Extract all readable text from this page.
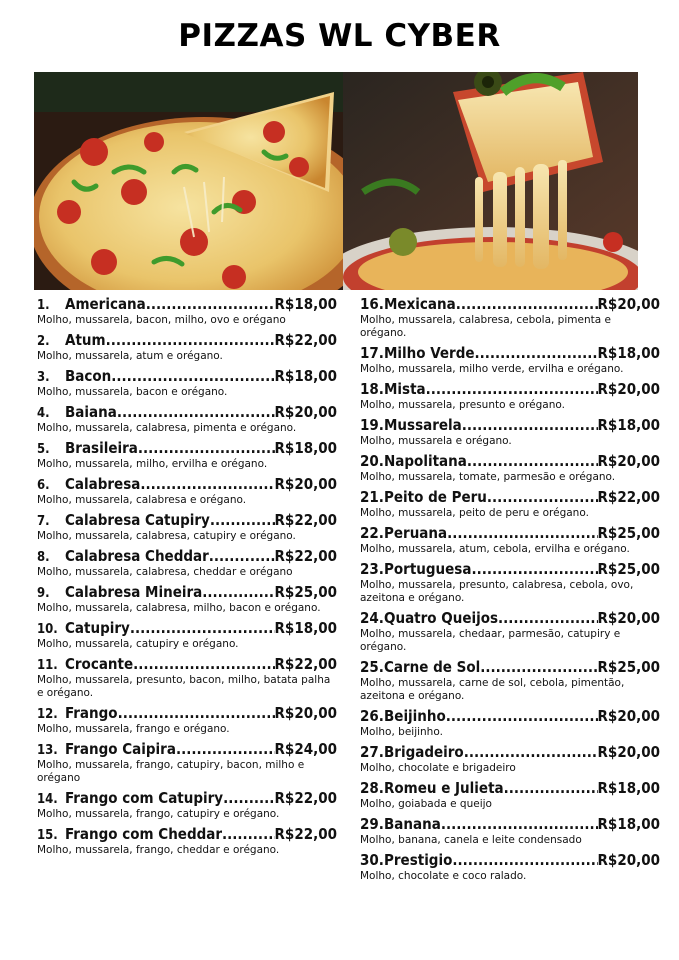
PIZZAS WL CYBER
1.	Americana .....	R$18,00
Molho, mussarela, bacon, milho, ovo e orégano
2.	Atum .....	R$22,00
Molho, mussarela, atum e orégano.
3.	Bacon .....	R$18,00
Molho, mussarela, bacon e orégano.
4.	Baiana .....	R$20,00
Molho, mussarela, calabresa, pimenta e orégano.
5.	Brasileira .....	R$18,00
Molho, mussarela, milho, ervilha e orégano.
6.	Calabresa .....	R$20,00
Molho, mussarela, calabresa e orégano.
7.	Calabresa Catupiry .....	R$22,00
Molho, mussarela, calabresa, catupiry e orégano.
8.	Calabresa Cheddar .....	R$22,00
Molho, mussarela, calabresa, cheddar e orégano
9.	Calabresa Mineira .....	R$25,00
Molho, mussarela, calabresa, milho, bacon e orégano.
10. Catupiry .....	R$18,00
Molho, mussarela, catupiry e orégano.
11. Crocante .....	R$22,00
Molho, mussarela, presunto, bacon, milho, batata palha e orégano.
12. Frango .....	R$20,00
Molho, mussarela, frango e orégano.
13. Frango Caipira .....	R$24,00
Molho, mussarela, frango, catupiry, bacon, milho e orégano
14. Frango com Catupiry .....	R$22,00
Molho, mussarela, frango, catupiry e orégano.
15. Frango com Cheddar .....	R$22,00
Molho, mussarela, frango, cheddar e orégano.
16. Mexicana .....	R$20,00
Molho, mussarela, calabresa, cebola, pimenta e orégano.
17. Milho Verde .....	R$18,00
Molho, mussarela, milho verde, ervilha e orégano.
18. Mista .....	R$20,00
Molho, mussarela, presunto e orégano.
19. Mussarela .....	R$18,00
Molho, mussarela e orégano.
20. Napolitana .....	R$20,00
Molho, mussarela, tomate, parmesão e orégano.
21. Peito de Peru .....	R$22,00
Molho, mussarela, peito de peru e orégano.
22. Peruana .....	R$25,00
Molho, mussarela, atum, cebola, ervilha e orégano.
23. Portuguesa .....	R$25,00
Molho, mussarela, presunto, calabresa, cebola, ovo, azeitona e orégano.
24. Quatro Queijos .....	R$20,00
Molho, mussarela, chedaar, parmesão, catupiry e orégano.
25. Carne de Sol .....	R$25,00
Molho, mussarela, carne de sol, cebola, pimentão, azeitona e orégano.
26. Beijinho .....	R$20,00
Molho, beijinho.
27. Brigadeiro .....	R$20,00
Molho, chocolate e brigadeiro
28. Romeu e Julieta .....	R$18,00
Molho, goiabada e queijo
29. Banana .....	R$18,00
Molho, banana, canela e leite condensado
30. Prestigio .....	R$20,00
Molho, chocolate e coco ralado.
